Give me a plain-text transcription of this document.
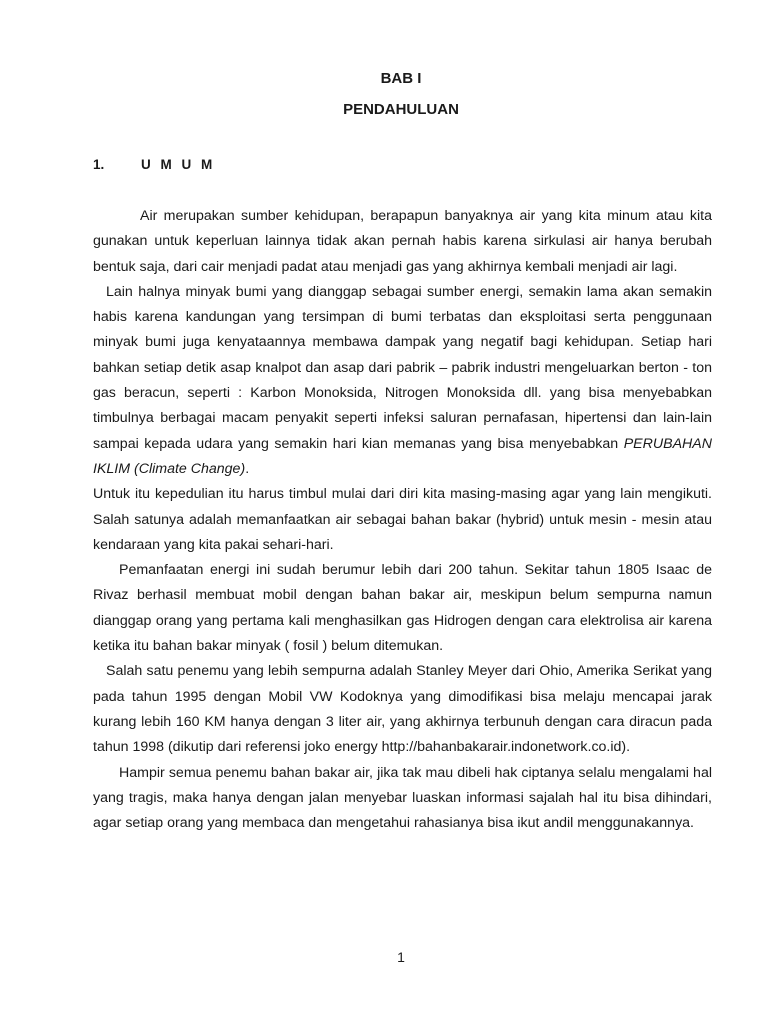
BAB I
PENDAHULUAN
1.	U M U M

Air merupakan sumber kehidupan, berapapun banyaknya air yang kita minum atau kita gunakan untuk keperluan lainnya tidak akan pernah habis karena sirkulasi air hanya berubah bentuk saja, dari cair menjadi padat atau menjadi gas yang akhirnya kembali menjadi air lagi.

Lain halnya minyak bumi yang dianggap sebagai sumber energi, semakin lama akan semakin habis karena kandungan yang tersimpan di bumi terbatas dan eksploitasi serta penggunaan minyak bumi juga kenyataannya membawa dampak yang negatif bagi kehidupan. Setiap hari bahkan setiap detik asap knalpot dan asap dari pabrik – pabrik industri mengeluarkan berton - ton gas beracun, seperti : Karbon Monoksida, Nitrogen Monoksida dll. yang bisa menyebabkan timbulnya berbagai macam penyakit seperti infeksi saluran pernafasan, hipertensi dan lain-lain sampai kepada udara yang semakin hari kian memanas yang bisa menyebabkan PERUBAHAN IKLIM (Climate Change).

Untuk itu kepedulian itu harus timbul mulai dari diri kita masing-masing agar yang lain mengikuti. Salah satunya adalah memanfaatkan air sebagai bahan bakar (hybrid) untuk mesin - mesin atau kendaraan yang kita pakai sehari-hari.

Pemanfaatan energi ini sudah berumur lebih dari 200 tahun. Sekitar tahun 1805 Isaac de Rivaz berhasil membuat mobil dengan bahan bakar air, meskipun belum sempurna namun dianggap orang yang pertama kali menghasilkan gas Hidrogen dengan cara elektrolisa air karena ketika itu bahan bakar minyak ( fosil ) belum ditemukan.

Salah satu penemu yang lebih sempurna adalah Stanley Meyer dari Ohio, Amerika Serikat yang pada tahun 1995 dengan Mobil VW Kodoknya yang dimodifikasi bisa melaju mencapai jarak kurang lebih 160 KM hanya dengan 3 liter air, yang akhirnya terbunuh dengan cara diracun pada tahun 1998 (dikutip dari referensi joko energy http://bahanbakarair.indonetwork.co.id).

Hampir semua penemu bahan bakar air, jika tak mau dibeli hak ciptanya selalu mengalami hal yang tragis, maka hanya dengan jalan menyebar luaskan informasi sajalah hal itu bisa dihindari, agar setiap orang yang membaca dan mengetahui rahasianya bisa ikut andil menggunakannya.

1
